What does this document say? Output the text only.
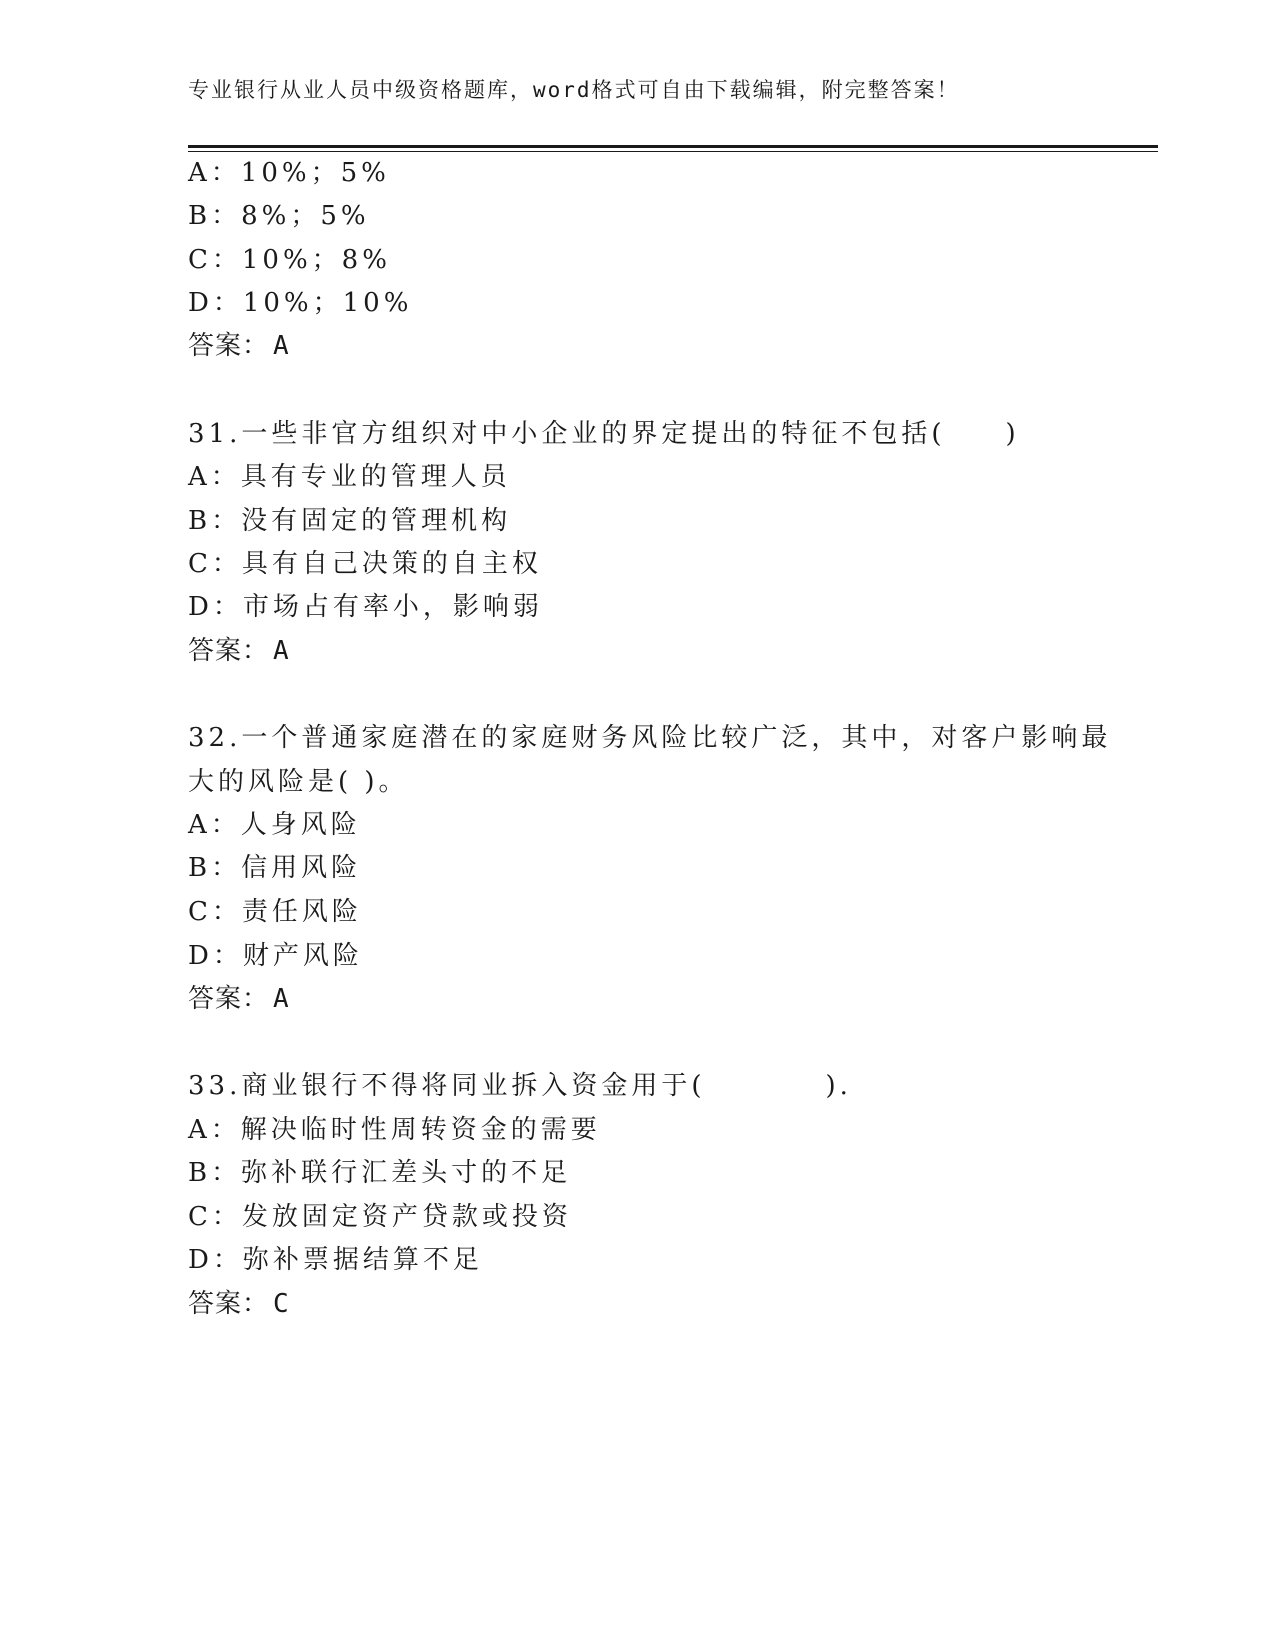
专业银行从业人员中级资格题库，word格式可自由下载编辑，附完整答案！
A：10%；5%
B：8%；5%
C：10%；8%
D：10%；10%
答案： A
31.一些非官方组织对中小企业的界定提出的特征不包括(　　)
A：具有专业的管理人员
B：没有固定的管理机构
C：具有自己决策的自主权
D：市场占有率小，影响弱
答案： A
32.一个普通家庭潜在的家庭财务风险比较广泛，其中，对客户影响最
大的风险是( )。
A：人身风险
B：信用风险
C：责任风险
D：财产风险
答案： A
33.商业银行不得将同业拆入资金用于(　　　　).
A：解决临时性周转资金的需要
B：弥补联行汇差头寸的不足
C：发放固定资产贷款或投资
D：弥补票据结算不足
答案： C
